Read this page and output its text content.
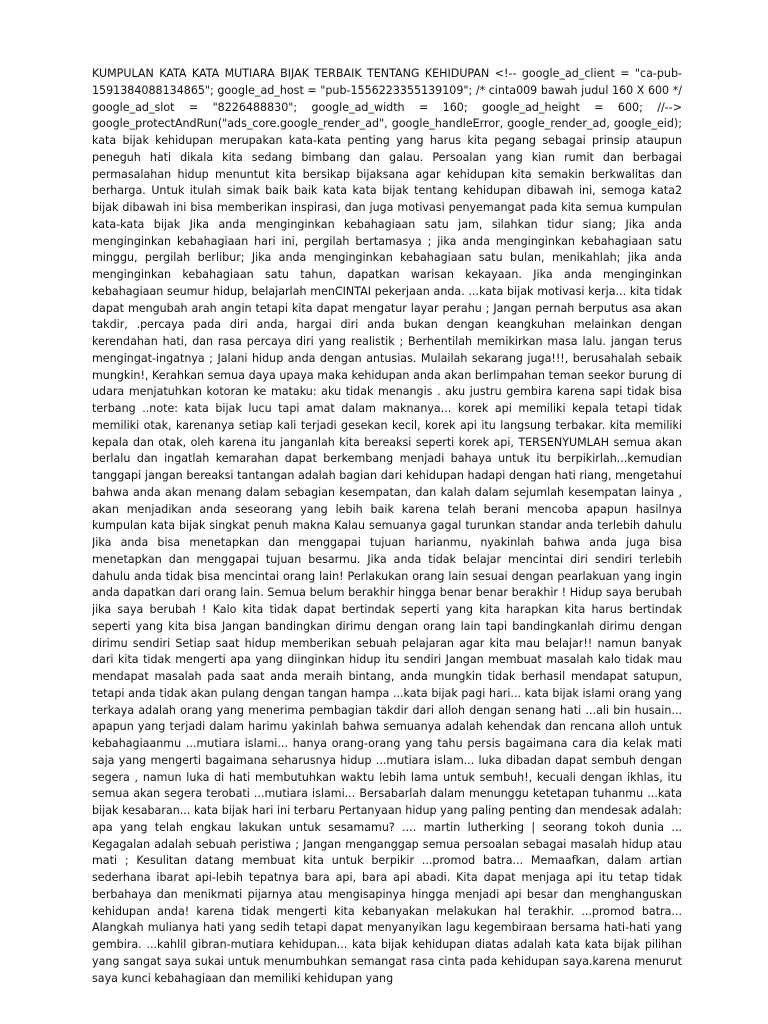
KUMPULAN KATA KATA MUTIARA BIJAK TERBAIK TENTANG KEHIDUPAN <!-- google_ad_client = "ca-pub-1591384088134865"; google_ad_host = "pub-1556223355139109"; /* cinta009 bawah judul 160 X 600 */ google_ad_slot = "8226488830"; google_ad_width = 160; google_ad_height = 600; //--> google_protectAndRun("ads_core.google_render_ad", google_handleError, google_render_ad, google_eid); kata bijak kehidupan merupakan kata-kata penting yang harus kita pegang sebagai prinsip ataupun peneguh hati dikala kita sedang bimbang dan galau. Persoalan yang kian rumit dan berbagai permasalahan hidup menuntut kita bersikap bijaksana agar kehidupan kita semakin berkwalitas dan berharga. Untuk itulah simak baik baik kata kata bijak tentang kehidupan dibawah ini, semoga kata2 bijak dibawah ini bisa memberikan inspirasi, dan juga motivasi penyemangat pada kita semua kumpulan kata-kata bijak Jika anda menginginkan kebahagiaan satu jam, silahkan tidur siang; Jika anda menginginkan kebahagiaan hari ini, pergilah bertamasya ; jika anda menginginkan kebahagiaan satu minggu, pergilah berlibur; Jika anda menginginkan kebahagiaan satu bulan, menikahlah; jika anda menginginkan kebahagiaan satu tahun, dapatkan warisan kekayaan. Jika anda menginginkan kebahagiaan seumur hidup, belajarlah menCINTAI pekerjaan anda. ...kata bijak motivasi kerja... kita tidak dapat mengubah arah angin tetapi kita dapat mengatur layar perahu ; Jangan pernah berputus asa akan takdir, .percaya pada diri anda, hargai diri anda bukan dengan keangkuhan melainkan dengan kerendahan hati, dan rasa percaya diri yang realistik ; Berhentilah memikirkan masa lalu. jangan terus mengingat-ingatnya ; Jalani hidup anda dengan antusias. Mulailah sekarang juga!!!, berusahalah sebaik mungkin!, Kerahkan semua daya upaya maka kehidupan anda akan berlimpahan teman seekor burung di udara menjatuhkan kotoran ke mataku: aku tidak menangis . aku justru gembira karena sapi tidak bisa terbang ..note: kata bijak lucu tapi amat dalam maknanya... korek api memiliki kepala tetapi tidak memiliki otak, karenanya setiap kali terjadi gesekan kecil, korek api itu langsung terbakar. kita memiliki kepala dan otak, oleh karena itu janganlah kita bereaksi seperti korek api, TERSENYUMLAH semua akan berlalu dan ingatlah kemarahan dapat berkembang menjadi bahaya untuk itu berpikirlah...kemudian tanggapi jangan bereaksi tantangan adalah bagian dari kehidupan hadapi dengan hati riang, mengetahui bahwa anda akan menang dalam sebagian kesempatan, dan kalah dalam sejumlah kesempatan lainya , akan menjadikan anda seseorang yang lebih baik karena telah berani mencoba apapun hasilnya kumpulan kata bijak singkat penuh makna Kalau semuanya gagal turunkan standar anda terlebih dahulu Jika anda bisa menetapkan dan menggapai tujuan harianmu, nyakinlah bahwa anda juga bisa menetapkan dan menggapai tujuan besarmu. Jika anda tidak belajar mencintai diri sendiri terlebih dahulu anda tidak bisa mencintai orang lain! Perlakukan orang lain sesuai dengan pearlakuan yang ingin anda dapatkan dari orang lain. Semua belum berakhir hingga benar benar berakhir ! Hidup saya berubah jika saya berubah ! Kalo kita tidak dapat bertindak seperti yang kita harapkan kita harus bertindak seperti yang kita bisa Jangan bandingkan dirimu dengan orang lain tapi bandingkanlah dirimu dengan dirimu sendiri Setiap saat hidup memberikan sebuah pelajaran agar kita mau belajar!! namun banyak dari kita tidak mengerti apa yang diinginkan hidup itu sendiri Jangan membuat masalah kalo tidak mau mendapat masalah pada saat anda meraih bintang, anda mungkin tidak berhasil mendapat satupun, tetapi anda tidak akan pulang dengan tangan hampa ...kata bijak pagi hari... kata bijak islami orang yang terkaya adalah orang yang menerima pembagian takdir dari alloh dengan senang hati ...ali bin husain... apapun yang terjadi dalam harimu yakinlah bahwa semuanya adalah kehendak dan rencana alloh untuk kebahagiaanmu ...mutiara islami... hanya orang-orang yang tahu persis bagaimana cara dia kelak mati saja yang mengerti bagaimana seharusnya hidup ...mutiara islam... luka dibadan dapat sembuh dengan segera , namun luka di hati membutuhkan waktu lebih lama untuk sembuh!, kecuali dengan ikhlas, itu semua akan segera terobati ...mutiara islami... Bersabarlah dalam menunggu ketetapan tuhanmu ...kata bijak kesabaran... kata bijak hari ini terbaru Pertanyaan hidup yang paling penting dan mendesak adalah: apa yang telah engkau lakukan untuk sesamamu? .... martin lutherking | seorang tokoh dunia ... Kegagalan adalah sebuah peristiwa ; Jangan menganggap semua persoalan sebagai masalah hidup atau mati ; Kesulitan datang membuat kita untuk berpikir ...promod batra... Memaafkan, dalam artian sederhana ibarat api-lebih tepatnya bara api, bara api abadi. Kita dapat menjaga api itu tetap tidak berbahaya dan menikmati pijarnya atau mengisapinya hingga menjadi api besar dan menghanguskan kehidupan anda! karena tidak mengerti kita kebanyakan melakukan hal terakhir. ...promod batra... Alangkah mulianya hati yang sedih tetapi dapat menyanyikan lagu kegembiraan bersama hati-hati yang gembira. ...kahlil gibran-mutiara kehidupan... kata bijak kehidupan diatas adalah kata kata bijak pilihan yang sangat saya sukai untuk menumbuhkan semangat rasa cinta pada kehidupan saya.karena menurut saya kunci kebahagiaan dan memiliki kehidupan yang
